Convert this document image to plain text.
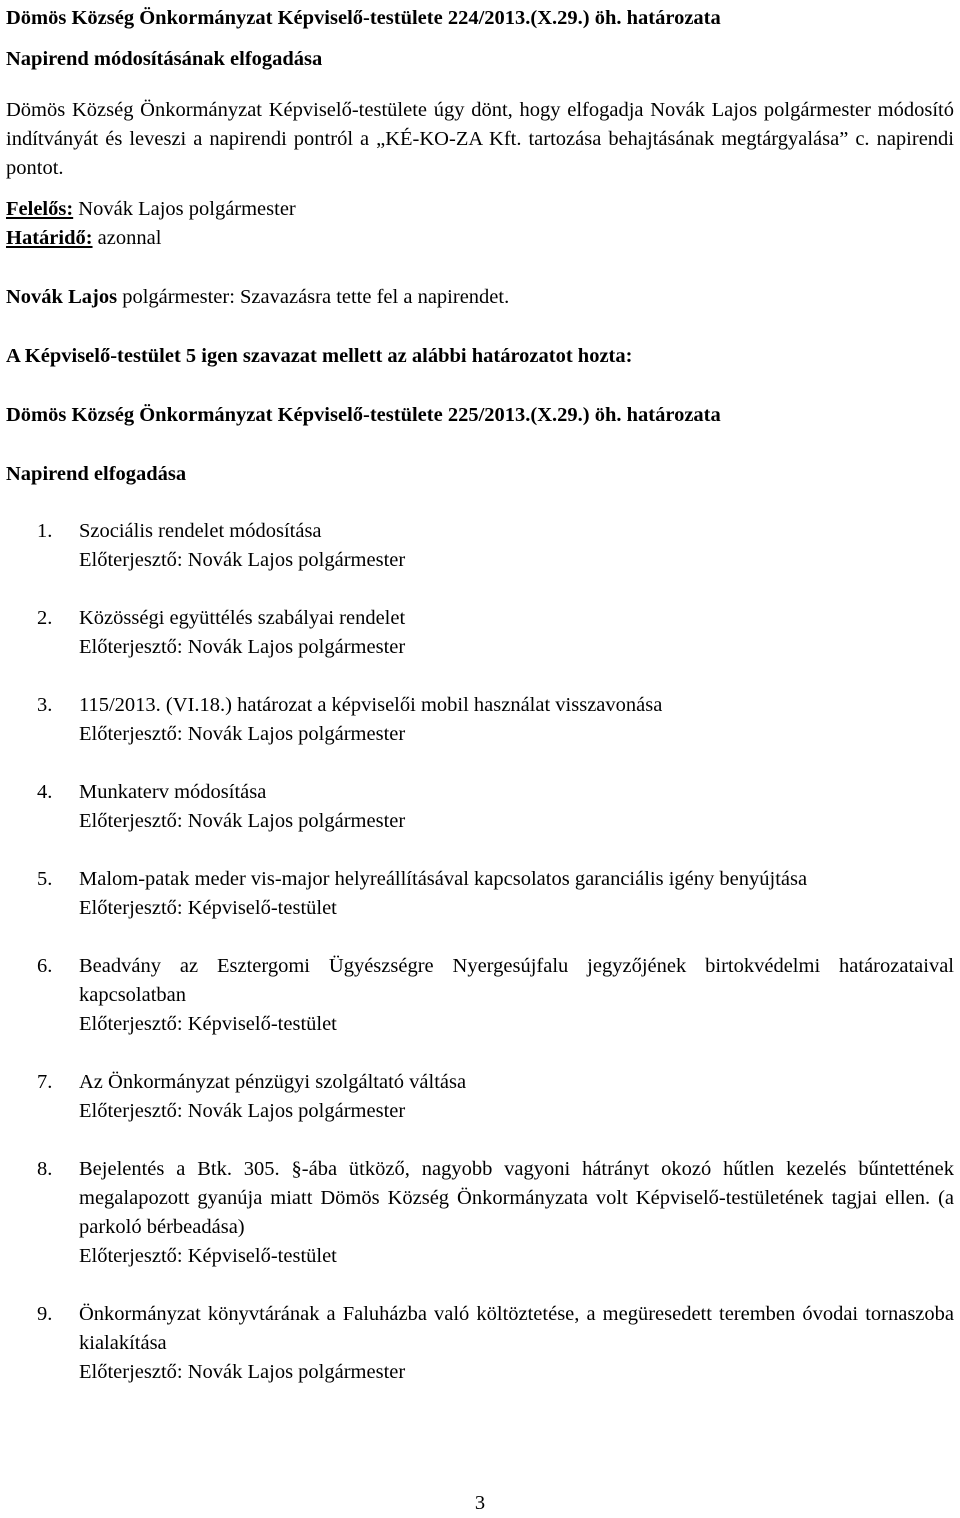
Dömös Község Önkormányzat Képviselő-testülete 224/2013.(X.29.) öh. határozata

Napirend módosításának elfogadása

Dömös Község Önkormányzat Képviselő-testülete úgy dönt, hogy elfogadja Novák Lajos polgármester módosító indítványát és leveszi a napirendi pontról a „KÉ-KO-ZA Kft. tartozása behajtásának megtárgyalása” c. napirendi pontot.

Felelős: Novák Lajos polgármester

Határidő: azonnal

Novák Lajos polgármester: Szavazásra tette fel a napirendet.

A Képviselő-testület 5 igen szavazat mellett az alábbi határozatot hozta:

Dömös Község Önkormányzat Képviselő-testülete 225/2013.(X.29.) öh. határozata

Napirend elfogadása

1.	Szociális rendelet módosítása

Előterjesztő: Novák Lajos polgármester

2.	Közösségi együttélés szabályai rendelet

Előterjesztő: Novák Lajos polgármester

3.	115/2013. (VI.18.) határozat a képviselői mobil használat visszavonása

Előterjesztő: Novák Lajos polgármester

4.	Munkaterv módosítása

Előterjesztő: Novák Lajos polgármester

5.	Malom-patak meder vis-major helyreállításával kapcsolatos garanciális igény benyújtása

Előterjesztő: Képviselő-testület

6.	Beadvány az Esztergomi Ügyészségre Nyergesújfalu jegyzőjének birtokvédelmi határozataival kapcsolatban

Előterjesztő: Képviselő-testület

7.	Az Önkormányzat pénzügyi szolgáltató váltása

Előterjesztő: Novák Lajos polgármester

8.	Bejelentés a Btk. 305. §-ába ütköző, nagyobb vagyoni hátrányt okozó hűtlen kezelés bűntettének megalapozott gyanúja miatt Dömös Község Önkormányzata volt Képviselő-testületének tagjai ellen. (a parkoló bérbeadása)

Előterjesztő: Képviselő-testület

9.	Önkormányzat könyvtárának a Faluházba való költöztetése, a megüresedett teremben óvodai tornaszoba kialakítása

Előterjesztő: Novák Lajos polgármester

3
